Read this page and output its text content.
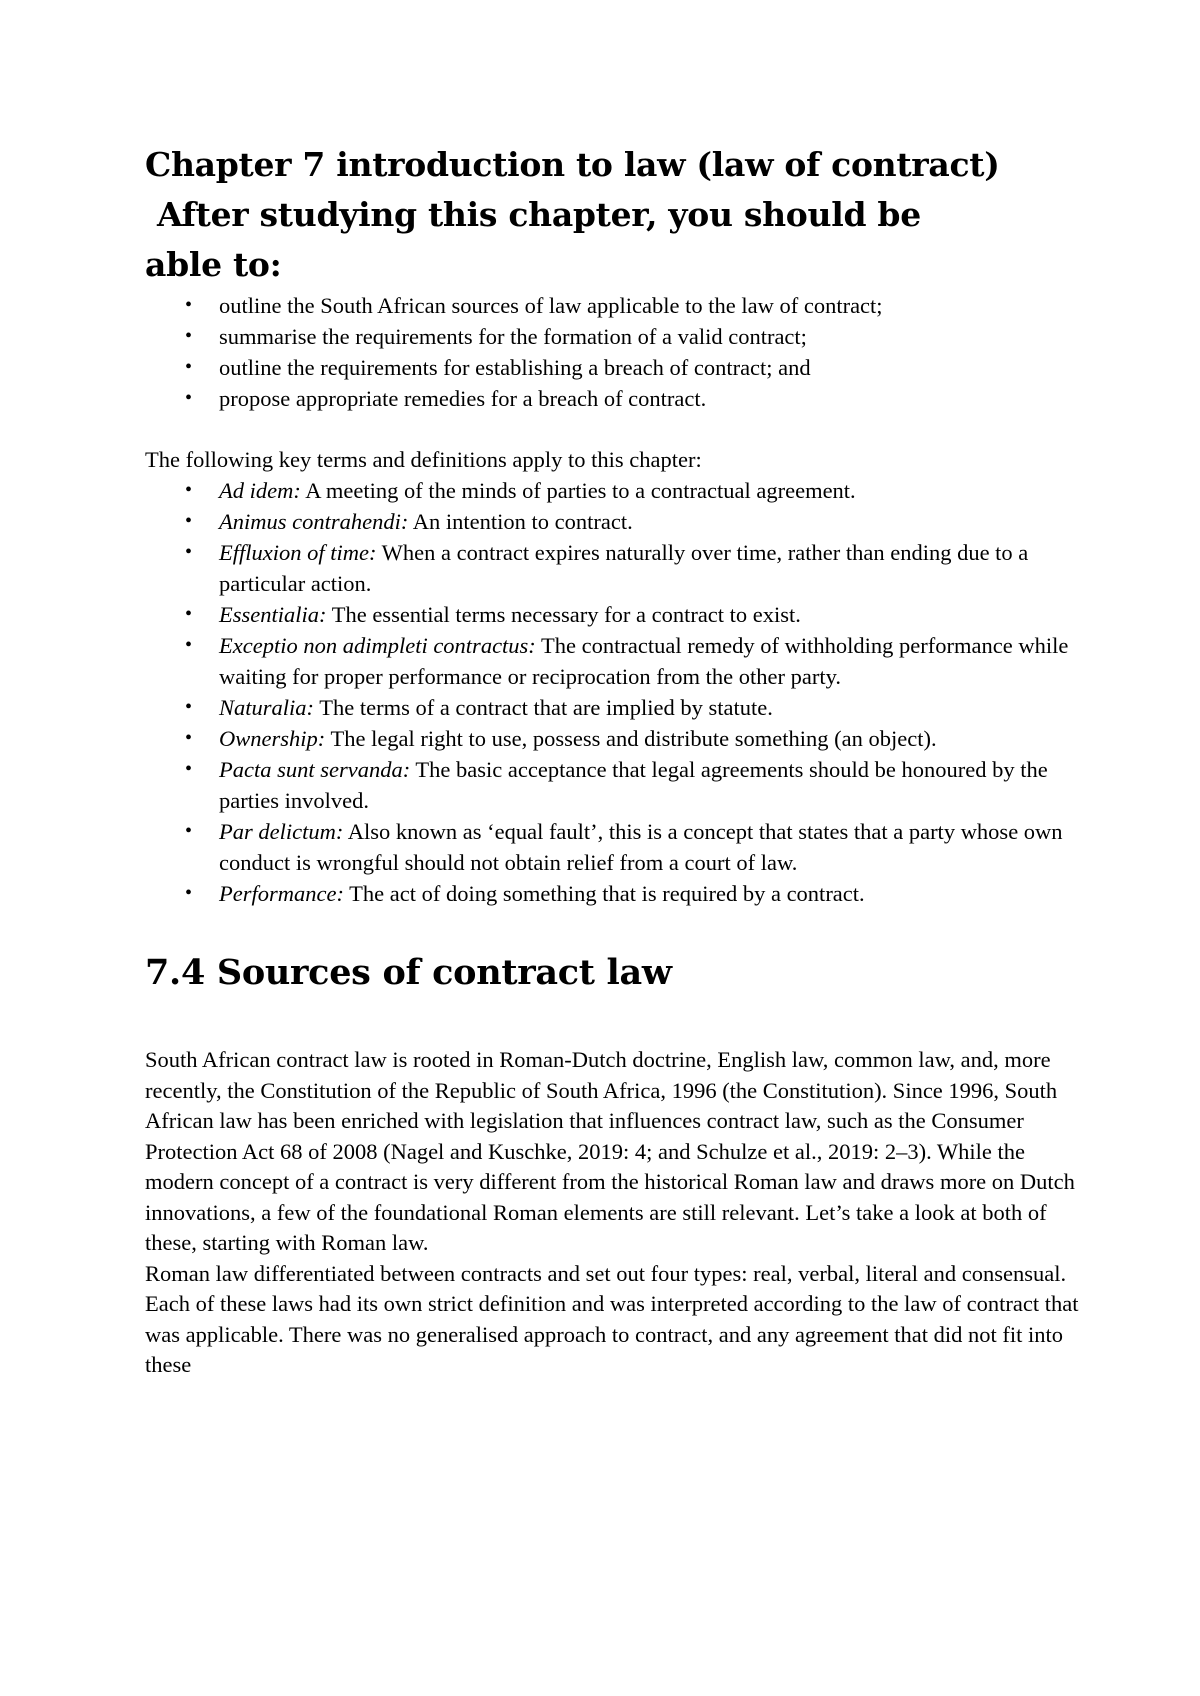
Chapter 7 introduction to law (law of contract)
After studying this chapter, you should be
able to:
• outline the South African sources of law applicable to the law of contract;
• summarise the requirements for the formation of a valid contract;
• outline the requirements for establishing a breach of contract; and
• propose appropriate remedies for a breach of contract.

The following key terms and definitions apply to this chapter:

• Ad idem: A meeting of the minds of parties to a contractual agreement.
• Animus contrahendi: An intention to contract.
• Effluxion of time: When a contract expires naturally over time, rather than ending due to a particular action.
• Essentialia: The essential terms necessary for a contract to exist.
• Exceptio non adimpleti contractus: The contractual remedy of withholding performance while waiting for proper performance or reciprocation from the other party.
• Naturalia: The terms of a contract that are implied by statute.
• Ownership: The legal right to use, possess and distribute something (an object).
• Pacta sunt servanda: The basic acceptance that legal agreements should be honoured by the parties involved.
• Par delictum: Also known as ‘equal fault’, this is a concept that states that a party whose own conduct is wrongful should not obtain relief from a court of law.
• Performance: The act of doing something that is required by a contract.
7.4 Sources of contract law

South African contract law is rooted in Roman-Dutch doctrine, English law, common law, and, more recently, the Constitution of the Republic of South Africa, 1996 (the Constitution). Since 1996, South African law has been enriched with legislation that influences contract law, such as the Consumer Protection Act 68 of 2008 (Nagel and Kuschke, 2019: 4; and Schulze et al., 2019: 2–3). While the modern concept of a contract is very different from the historical Roman law and draws more on Dutch innovations, a few of the foundational Roman elements are still relevant. Let’s take a look at both of these, starting with Roman law.

Roman law differentiated between contracts and set out four types: real, verbal, literal and consensual. Each of these laws had its own strict definition and was interpreted according to the law of contract that was applicable. There was no generalised approach to contract, and any agreement that did not fit into these
